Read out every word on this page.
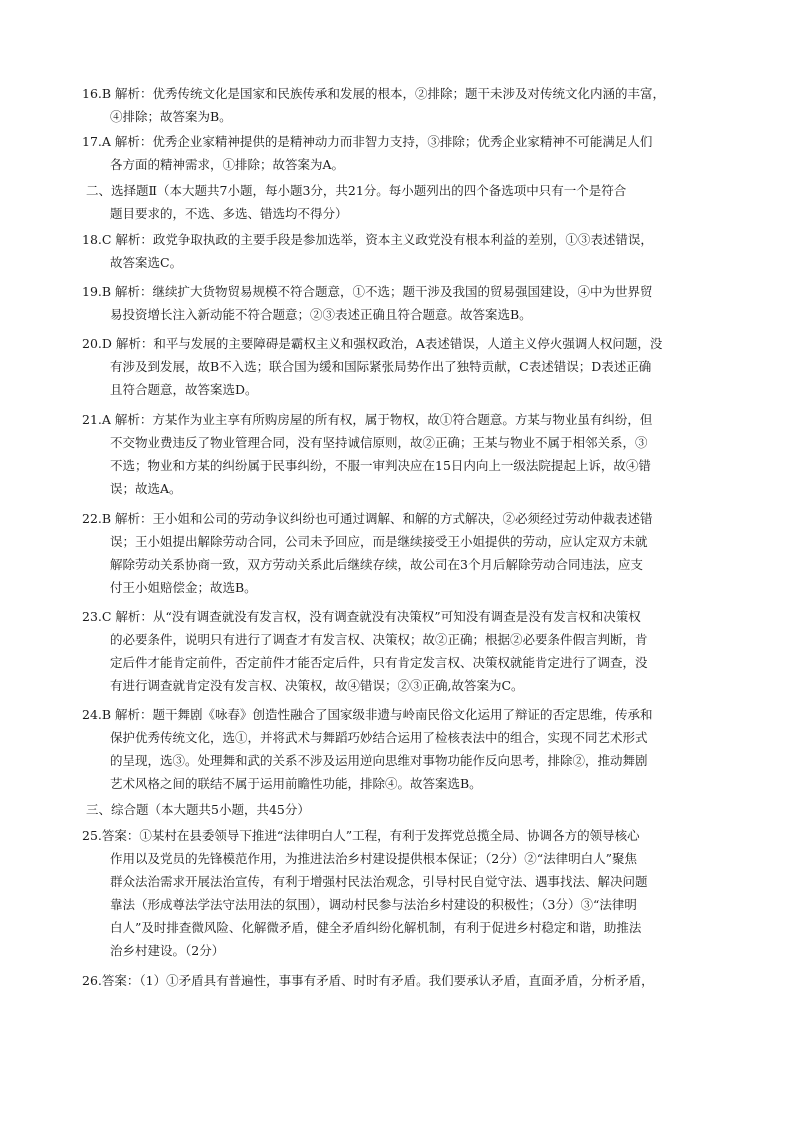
16.B 解析：优秀传统文化是国家和民族传承和发展的根本，②排除；题干未涉及对传统文化内涵的丰富，
④排除；故答案为B。
17.A 解析：优秀企业家精神提供的是精神动力而非智力支持，③排除；优秀企业家精神不可能满足人们
各方面的精神需求，①排除；故答案为A。
二、选择题Ⅱ（本大题共7小题，每小题3分，共21分。每小题列出的四个备选项中只有一个是符合
题目要求的，不选、多选、错选均不得分）
18.C 解析：政党争取执政的主要手段是参加选举，资本主义政党没有根本利益的差别，①③表述错误，
故答案选C。
19.B 解析：继续扩大货物贸易规模不符合题意，①不选；题干涉及我国的贸易强国建设，④中为世界贸
易投资增长注入新动能不符合题意；②③表述正确且符合题意。故答案选B。
20.D 解析：和平与发展的主要障碍是霸权主义和强权政治，A表述错误，人道主义停火强调人权问题，没
有涉及到发展，故B不入选；联合国为缓和国际紧张局势作出了独特贡献，C表述错误；D表述正确
且符合题意，故答案选D。
21.A 解析：方某作为业主享有所购房屋的所有权，属于物权，故①符合题意。方某与物业虽有纠纷，但
不交物业费违反了物业管理合同，没有坚持诚信原则，故②正确；王某与物业不属于相邻关系，③
不选；物业和方某的纠纷属于民事纠纷，不服一审判决应在15日内向上一级法院提起上诉，故④错
误；故选A。
22.B 解析：王小姐和公司的劳动争议纠纷也可通过调解、和解的方式解决，②必须经过劳动仲裁表述错
误；王小姐提出解除劳动合同，公司未予回应，而是继续接受王小姐提供的劳动，应认定双方未就
解除劳动关系协商一致，双方劳动关系此后继续存续，故公司在3个月后解除劳动合同违法，应支
付王小姐赔偿金；故选B。
23.C 解析：从“没有调查就没有发言权，没有调查就没有决策权”可知没有调查是没有发言权和决策权
的必要条件，说明只有进行了调查才有发言权、决策权；故②正确；根据②必要条件假言判断，肯
定后件才能肯定前件，否定前件才能否定后件，只有肯定发言权、决策权就能肯定进行了调查，没
有进行调查就肯定没有发言权、决策权，故④错误；②③正确,故答案为C。
24.B 解析：题干舞剧《咏春》创造性融合了国家级非遗与岭南民俗文化运用了辩证的否定思维，传承和
保护优秀传统文化，选①，并将武术与舞蹈巧妙结合运用了检核表法中的组合，实现不同艺术形式
的呈现，选③。处理舞和武的关系不涉及运用逆向思维对事物功能作反向思考，排除②，推动舞剧
艺术风格之间的联结不属于运用前瞻性功能，排除④。故答案选B。
三、综合题（本大题共5小题，共45分）
25.答案：①某村在县委领导下推进“法律明白人”工程，有利于发挥党总揽全局、协调各方的领导核心
作用以及党员的先锋模范作用，为推进法治乡村建设提供根本保证；（2分）②“法律明白人”聚焦
群众法治需求开展法治宣传，有利于增强村民法治观念，引导村民自觉守法、遇事找法、解决问题
靠法（形成尊法学法守法用法的氛围），调动村民参与法治乡村建设的积极性；（3分）③“法律明
白人”及时排查微风险、化解微矛盾，健全矛盾纠纷化解机制，有利于促进乡村稳定和谐，助推法
治乡村建设。（2分）
26.答案：（1）①矛盾具有普遍性，事事有矛盾、时时有矛盾。我们要承认矛盾，直面矛盾，分析矛盾，
